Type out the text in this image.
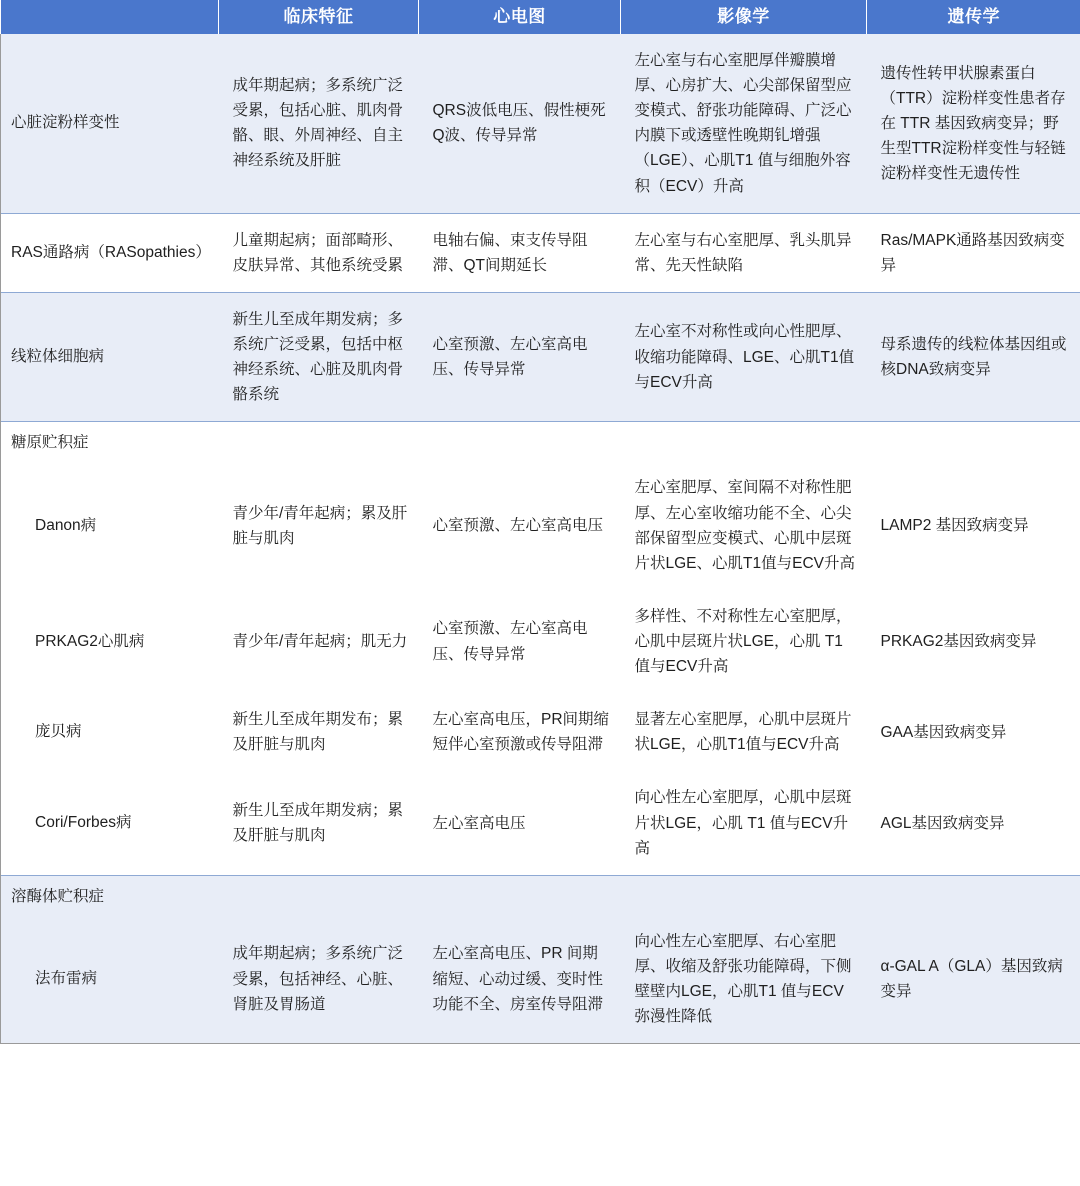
	临床特征	心电图	影像学	遗传学
心脏淀粉样变性	成年期起病；多系统广泛受累，包括心脏、肌肉骨骼、眼、外周神经、自主神经系统及肝脏	QRS波低电压、假性梗死Q波、传导异常	左心室与右心室肥厚伴瓣膜增厚、心房扩大、心尖部保留型应变模式、舒张功能障碍、广泛心内膜下或透壁性晚期钆增强（LGE）、心肌T1 值与细胞外容积（ECV）升高	遗传性转甲状腺素蛋白（TTR）淀粉样变性患者存在 TTR 基因致病变异；野生型TTR淀粉样变性与轻链淀粉样变性无遗传性
RAS通路病（RASopathies）	儿童期起病；面部畸形、皮肤异常、其他系统受累	电轴右偏、束支传导阻滞、QT间期延长	左心室与右心室肥厚、乳头肌异常、先天性缺陷	Ras/MAPK通路基因致病变异
线粒体细胞病	新生儿至成年期发病；多系统广泛受累，包括中枢神经系统、心脏及肌肉骨骼系统	心室预激、左心室高电压、传导异常	左心室不对称性或向心性肥厚、收缩功能障碍、LGE、心肌T1值与ECV升高	母系遗传的线粒体基因组或核DNA致病变异
糖原贮积症				
Danon病	青少年/青年起病；累及肝脏与肌肉	心室预激、左心室高电压	左心室肥厚、室间隔不对称性肥厚、左心室收缩功能不全、心尖部保留型应变模式、心肌中层斑片状LGE、心肌T1值与ECV升高	LAMP2 基因致病变异
PRKAG2心肌病	青少年/青年起病；肌无力	心室预激、左心室高电压、传导异常	多样性、不对称性左心室肥厚，心肌中层斑片状LGE，心肌 T1 值与ECV升高	PRKAG2基因致病变异
庞贝病	新生儿至成年期发布；累及肝脏与肌肉	左心室高电压，PR间期缩短伴心室预激或传导阻滞	显著左心室肥厚，心肌中层斑片状LGE，心肌T1值与ECV升高	GAA基因致病变异
Cori/Forbes病	新生儿至成年期发病；累及肝脏与肌肉	左心室高电压	向心性左心室肥厚，心肌中层斑片状LGE，心肌 T1 值与ECV升高	AGL基因致病变异
溶酶体贮积症				
法布雷病	成年期起病；多系统广泛受累，包括神经、心脏、肾脏及胃肠道	左心室高电压、PR 间期缩短、心动过缓、变时性功能不全、房室传导阻滞	向心性左心室肥厚、右心室肥厚、收缩及舒张功能障碍，下侧壁壁内LGE，心肌T1 值与ECV弥漫性降低	α-GAL A（GLA）基因致病变异
